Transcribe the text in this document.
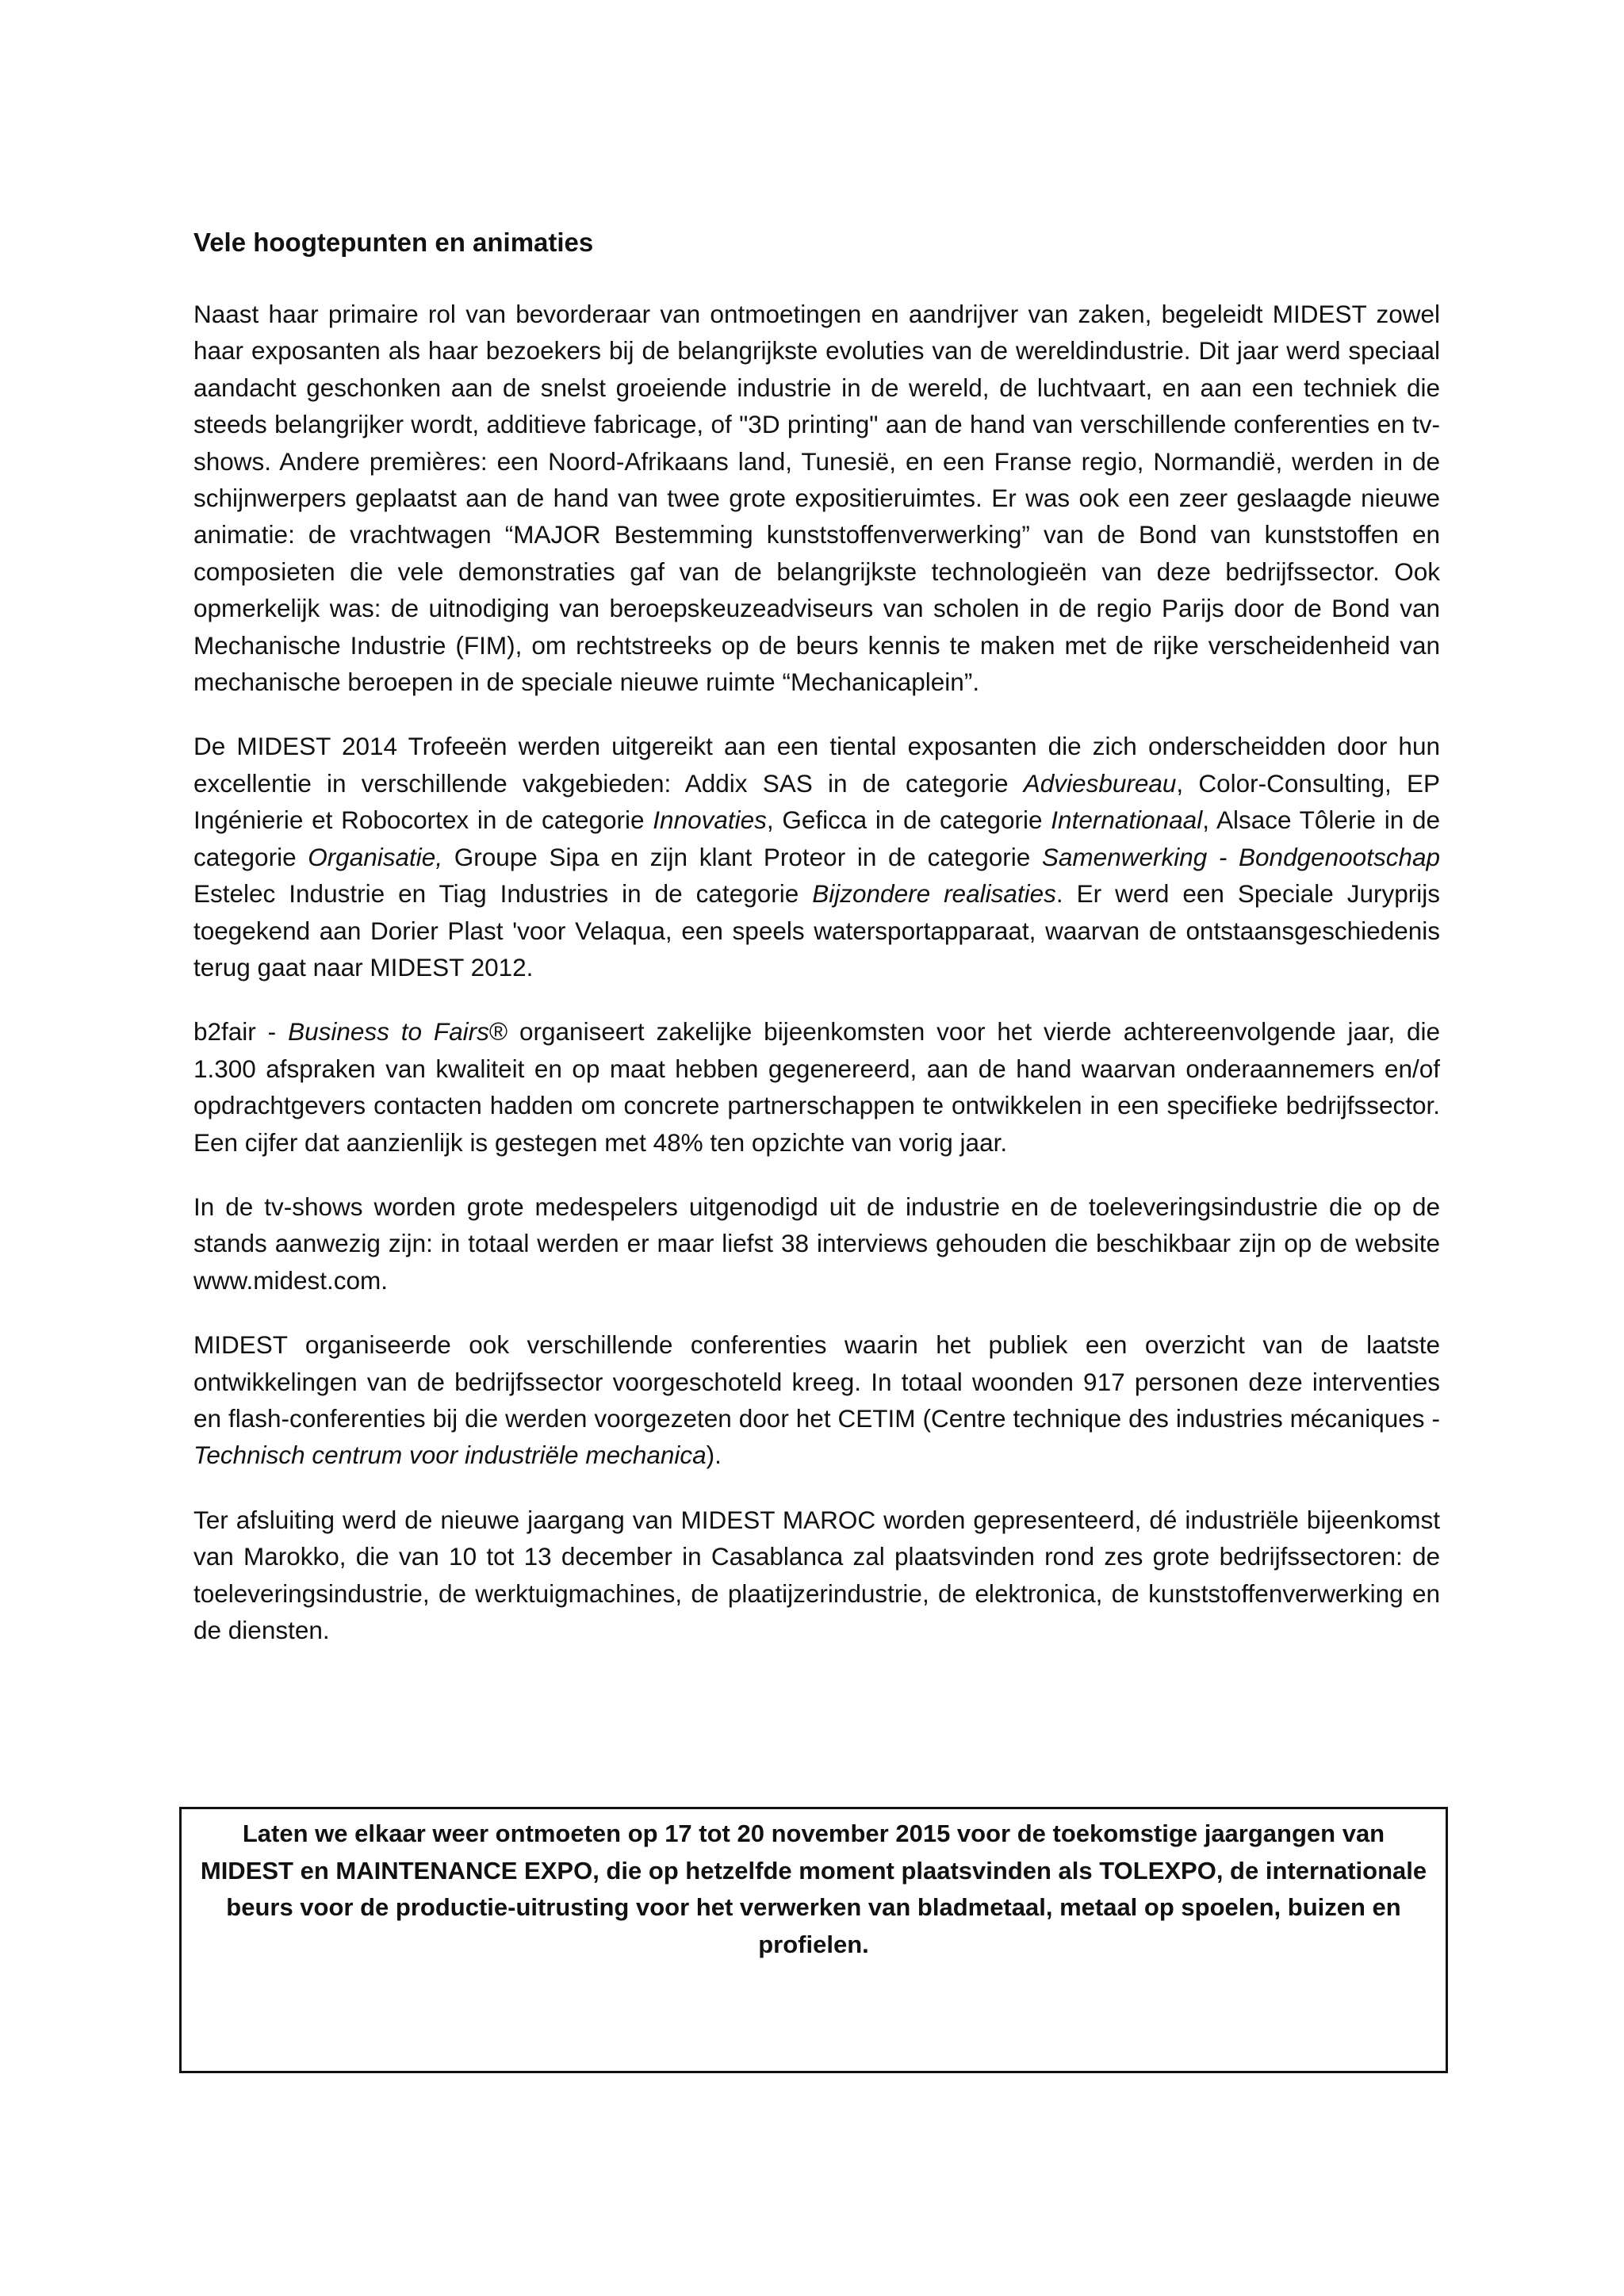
Vele hoogtepunten en animaties

Naast haar primaire rol van bevorderaar van ontmoetingen en aandrijver van zaken, begeleidt MIDEST zowel haar exposanten als haar bezoekers bij de belangrijkste evoluties van de wereldindustrie. Dit jaar werd speciaal aandacht geschonken aan de snelst groeiende industrie in de wereld, de luchtvaart, en aan een techniek die steeds belangrijker wordt, additieve fabricage, of "3D printing" aan de hand van verschillende conferenties en tv-shows. Andere premières: een Noord-Afrikaans land, Tunesië, en een Franse regio, Normandië, werden in de schijnwerpers geplaatst aan de hand van twee grote expositieruimtes. Er was ook een zeer geslaagde nieuwe animatie: de vrachtwagen “MAJOR Bestemming kunststoffenverwerking” van de Bond van kunststoffen en composieten die vele demonstraties gaf van de belangrijkste technologieën van deze bedrijfssector. Ook opmerkelijk was: de uitnodiging van beroepskeuzeadviseurs van scholen in de regio Parijs door de Bond van Mechanische Industrie (FIM), om rechtstreeks op de beurs kennis te maken met de rijke verscheidenheid van mechanische beroepen in de speciale nieuwe ruimte “Mechanicaplein”.

De MIDEST 2014 Trofeeën werden uitgereikt aan een tiental exposanten die zich onderscheidden door hun excellentie in verschillende vakgebieden: Addix SAS in de categorie Adviesbureau, Color-Consulting, EP Ingénierie et Robocortex in de categorie Innovaties, Geficca in de categorie Internationaal, Alsace Tôlerie in de categorie Organisatie, Groupe Sipa en zijn klant Proteor in de categorie Samenwerking - Bondgenootschap Estelec Industrie en Tiag Industries in de categorie Bijzondere realisaties. Er werd een Speciale Juryprijs toegekend aan Dorier Plast 'voor Velaqua, een speels watersportapparaat, waarvan de ontstaansgeschiedenis terug gaat naar MIDEST 2012.

b2fair - Business to Fairs® organiseert zakelijke bijeenkomsten voor het vierde achtereenvolgende jaar, die 1.300 afspraken van kwaliteit en op maat hebben gegenereerd, aan de hand waarvan onderaannemers en/of opdrachtgevers contacten hadden om concrete partnerschappen te ontwikkelen in een specifieke bedrijfssector. Een cijfer dat aanzienlijk is gestegen met 48% ten opzichte van vorig jaar.

In de tv-shows worden grote medespelers uitgenodigd uit de industrie en de toeleveringsindustrie die op de stands aanwezig zijn: in totaal werden er maar liefst 38 interviews gehouden die beschikbaar zijn op de website www.midest.com.

MIDEST organiseerde ook verschillende conferenties waarin het publiek een overzicht van de laatste ontwikkelingen van de bedrijfssector voorgeschoteld kreeg. In totaal woonden 917 personen deze interventies en flash-conferenties bij die werden voorgezeten door het CETIM (Centre technique des industries mécaniques - Technisch centrum voor industriële mechanica).

Ter afsluiting werd de nieuwe jaargang van MIDEST MAROC worden gepresenteerd, dé industriële bijeenkomst van Marokko, die van 10 tot 13 december in Casablanca zal plaatsvinden rond zes grote bedrijfssectoren: de toeleveringsindustrie, de werktuigmachines, de plaatijzerindustrie, de elektronica, de kunststoffenverwerking en de diensten.

Laten we elkaar weer ontmoeten op 17 tot 20 november 2015 voor de toekomstige jaargangen van MIDEST en MAINTENANCE EXPO, die op hetzelfde moment plaatsvinden als TOLEXPO, de internationale beurs voor de productie-uitrusting voor het verwerken van bladmetaal, metaal op spoelen, buizen en profielen.
